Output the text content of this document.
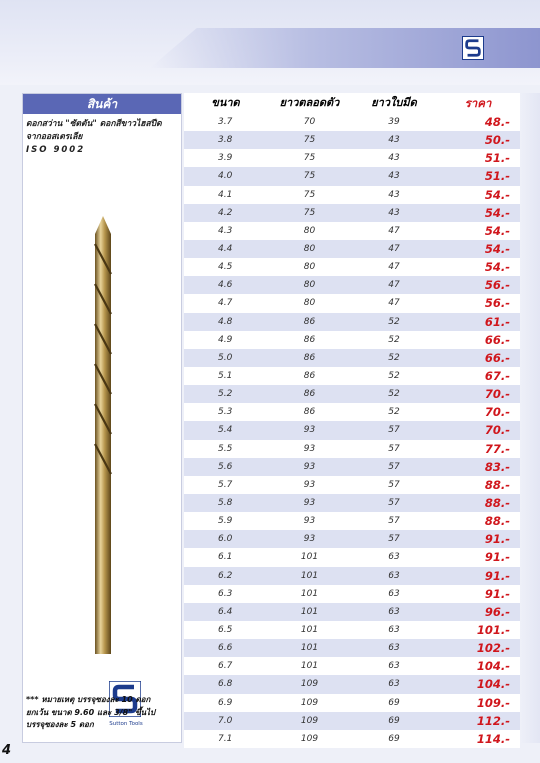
สินค้า
ดอกสว่าน "ซัตตัน" ดอกสีขาวไฮสปีด
จากออสเตรเลีย
ISO 9002
Sutton Tools
*** หมายเหตุ บรรจุซองละ 10 ดอก
ยกเว้น ขนาด 9.60 และ 3/8" ขึ้นไป
บรรจุซองละ 5 ดอก
4
ขนาด	ยาวตลอดตัว	ยาวใบมีด	ราคา
3.7	70	39	48.-
3.8	75	43	50.-
3.9	75	43	51.-
4.0	75	43	51.-
4.1	75	43	54.-
4.2	75	43	54.-
4.3	80	47	54.-
4.4	80	47	54.-
4.5	80	47	54.-
4.6	80	47	56.-
4.7	80	47	56.-
4.8	86	52	61.-
4.9	86	52	66.-
5.0	86	52	66.-
5.1	86	52	67.-
5.2	86	52	70.-
5.3	86	52	70.-
5.4	93	57	70.-
5.5	93	57	77.-
5.6	93	57	83.-
5.7	93	57	88.-
5.8	93	57	88.-
5.9	93	57	88.-
6.0	93	57	91.-
6.1	101	63	91.-
6.2	101	63	91.-
6.3	101	63	91.-
6.4	101	63	96.-
6.5	101	63	101.-
6.6	101	63	102.-
6.7	101	63	104.-
6.8	109	63	104.-
6.9	109	69	109.-
7.0	109	69	112.-
7.1	109	69	114.-
